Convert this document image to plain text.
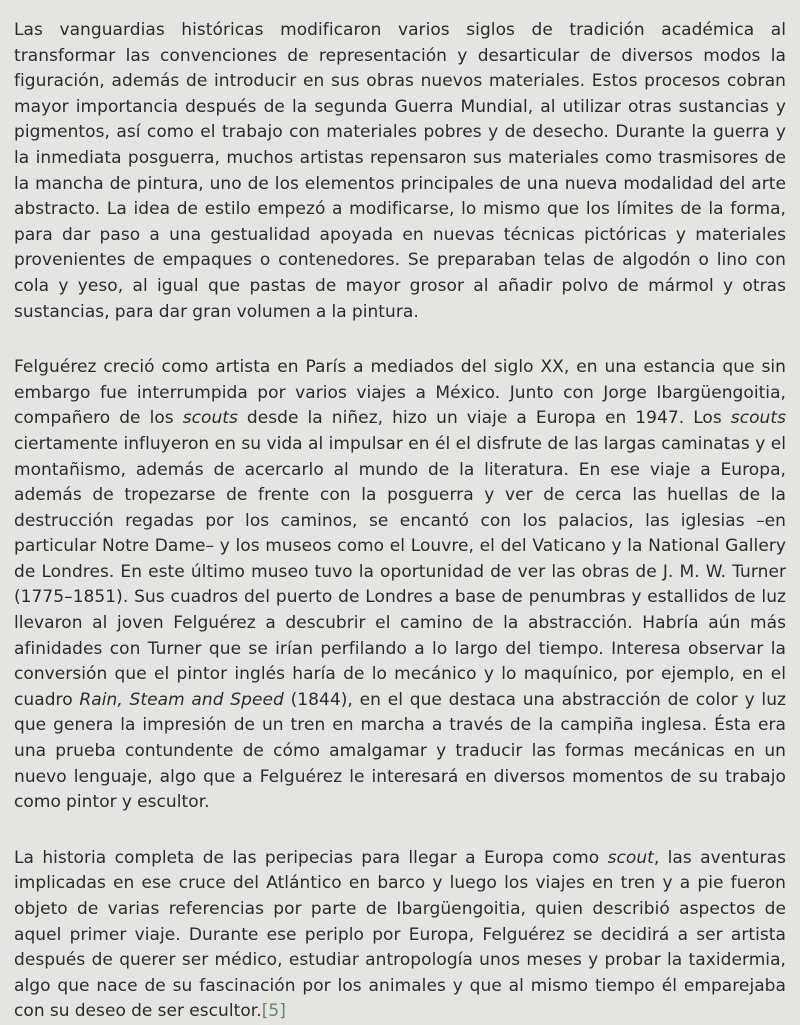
Las vanguardias históricas modificaron varios siglos de tradición académica al transformar las convenciones de representación y desarticular de diversos modos la figuración, además de introducir en sus obras nuevos materiales. Estos procesos cobran mayor importancia después de la segunda Guerra Mundial, al utilizar otras sustancias y pigmentos, así como el trabajo con materiales pobres y de desecho. Durante la guerra y la inmediata posguerra, muchos artistas repensaron sus materiales como trasmisores de la mancha de pintura, uno de los elementos principales de una nueva modalidad del arte abstracto. La idea de estilo empezó a modificarse, lo mismo que los límites de la forma, para dar paso a una gestualidad apoyada en nuevas técnicas pictóricas y materiales provenientes de empaques o contenedores. Se preparaban telas de algodón o lino con cola y yeso, al igual que pastas de mayor grosor al añadir polvo de mármol y otras sustancias, para dar gran volumen a la pintura.

Felguérez creció como artista en París a mediados del siglo XX, en una estancia que sin embargo fue interrumpida por varios viajes a México. Junto con Jorge Ibargüengoitia, compañero de los scouts desde la niñez, hizo un viaje a Europa en 1947. Los scouts ciertamente influyeron en su vida al impulsar en él el disfrute de las largas caminatas y el montañismo, además de acercarlo al mundo de la literatura. En ese viaje a Europa, además de tropezarse de frente con la posguerra y ver de cerca las huellas de la destrucción regadas por los caminos, se encantó con los palacios, las iglesias –en particular Notre Dame– y los museos como el Louvre, el del Vaticano y la National Gallery de Londres. En este último museo tuvo la oportunidad de ver las obras de J. M. W. Turner (1775–1851). Sus cuadros del puerto de Londres a base de penumbras y estallidos de luz llevaron al joven Felguérez a descubrir el camino de la abstracción. Habría aún más afinidades con Turner que se irían perfilando a lo largo del tiempo. Interesa observar la conversión que el pintor inglés haría de lo mecánico y lo maquínico, por ejemplo, en el cuadro Rain, Steam and Speed (1844), en el que destaca una abstracción de color y luz que genera la impresión de un tren en marcha a través de la campiña inglesa. Ésta era una prueba contundente de cómo amalgamar y traducir las formas mecánicas en un nuevo lenguaje, algo que a Felguérez le interesará en diversos momentos de su trabajo como pintor y escultor.

La historia completa de las peripecias para llegar a Europa como scout, las aventuras implicadas en ese cruce del Atlántico en barco y luego los viajes en tren y a pie fueron objeto de varias referencias por parte de Ibargüengoitia, quien describió aspectos de aquel primer viaje. Durante ese periplo por Europa, Felguérez se decidirá a ser artista después de querer ser médico, estudiar antropología unos meses y probar la taxidermia, algo que nace de su fascinación por los animales y que al mismo tiempo él emparejaba con su deseo de ser escultor.[5]
